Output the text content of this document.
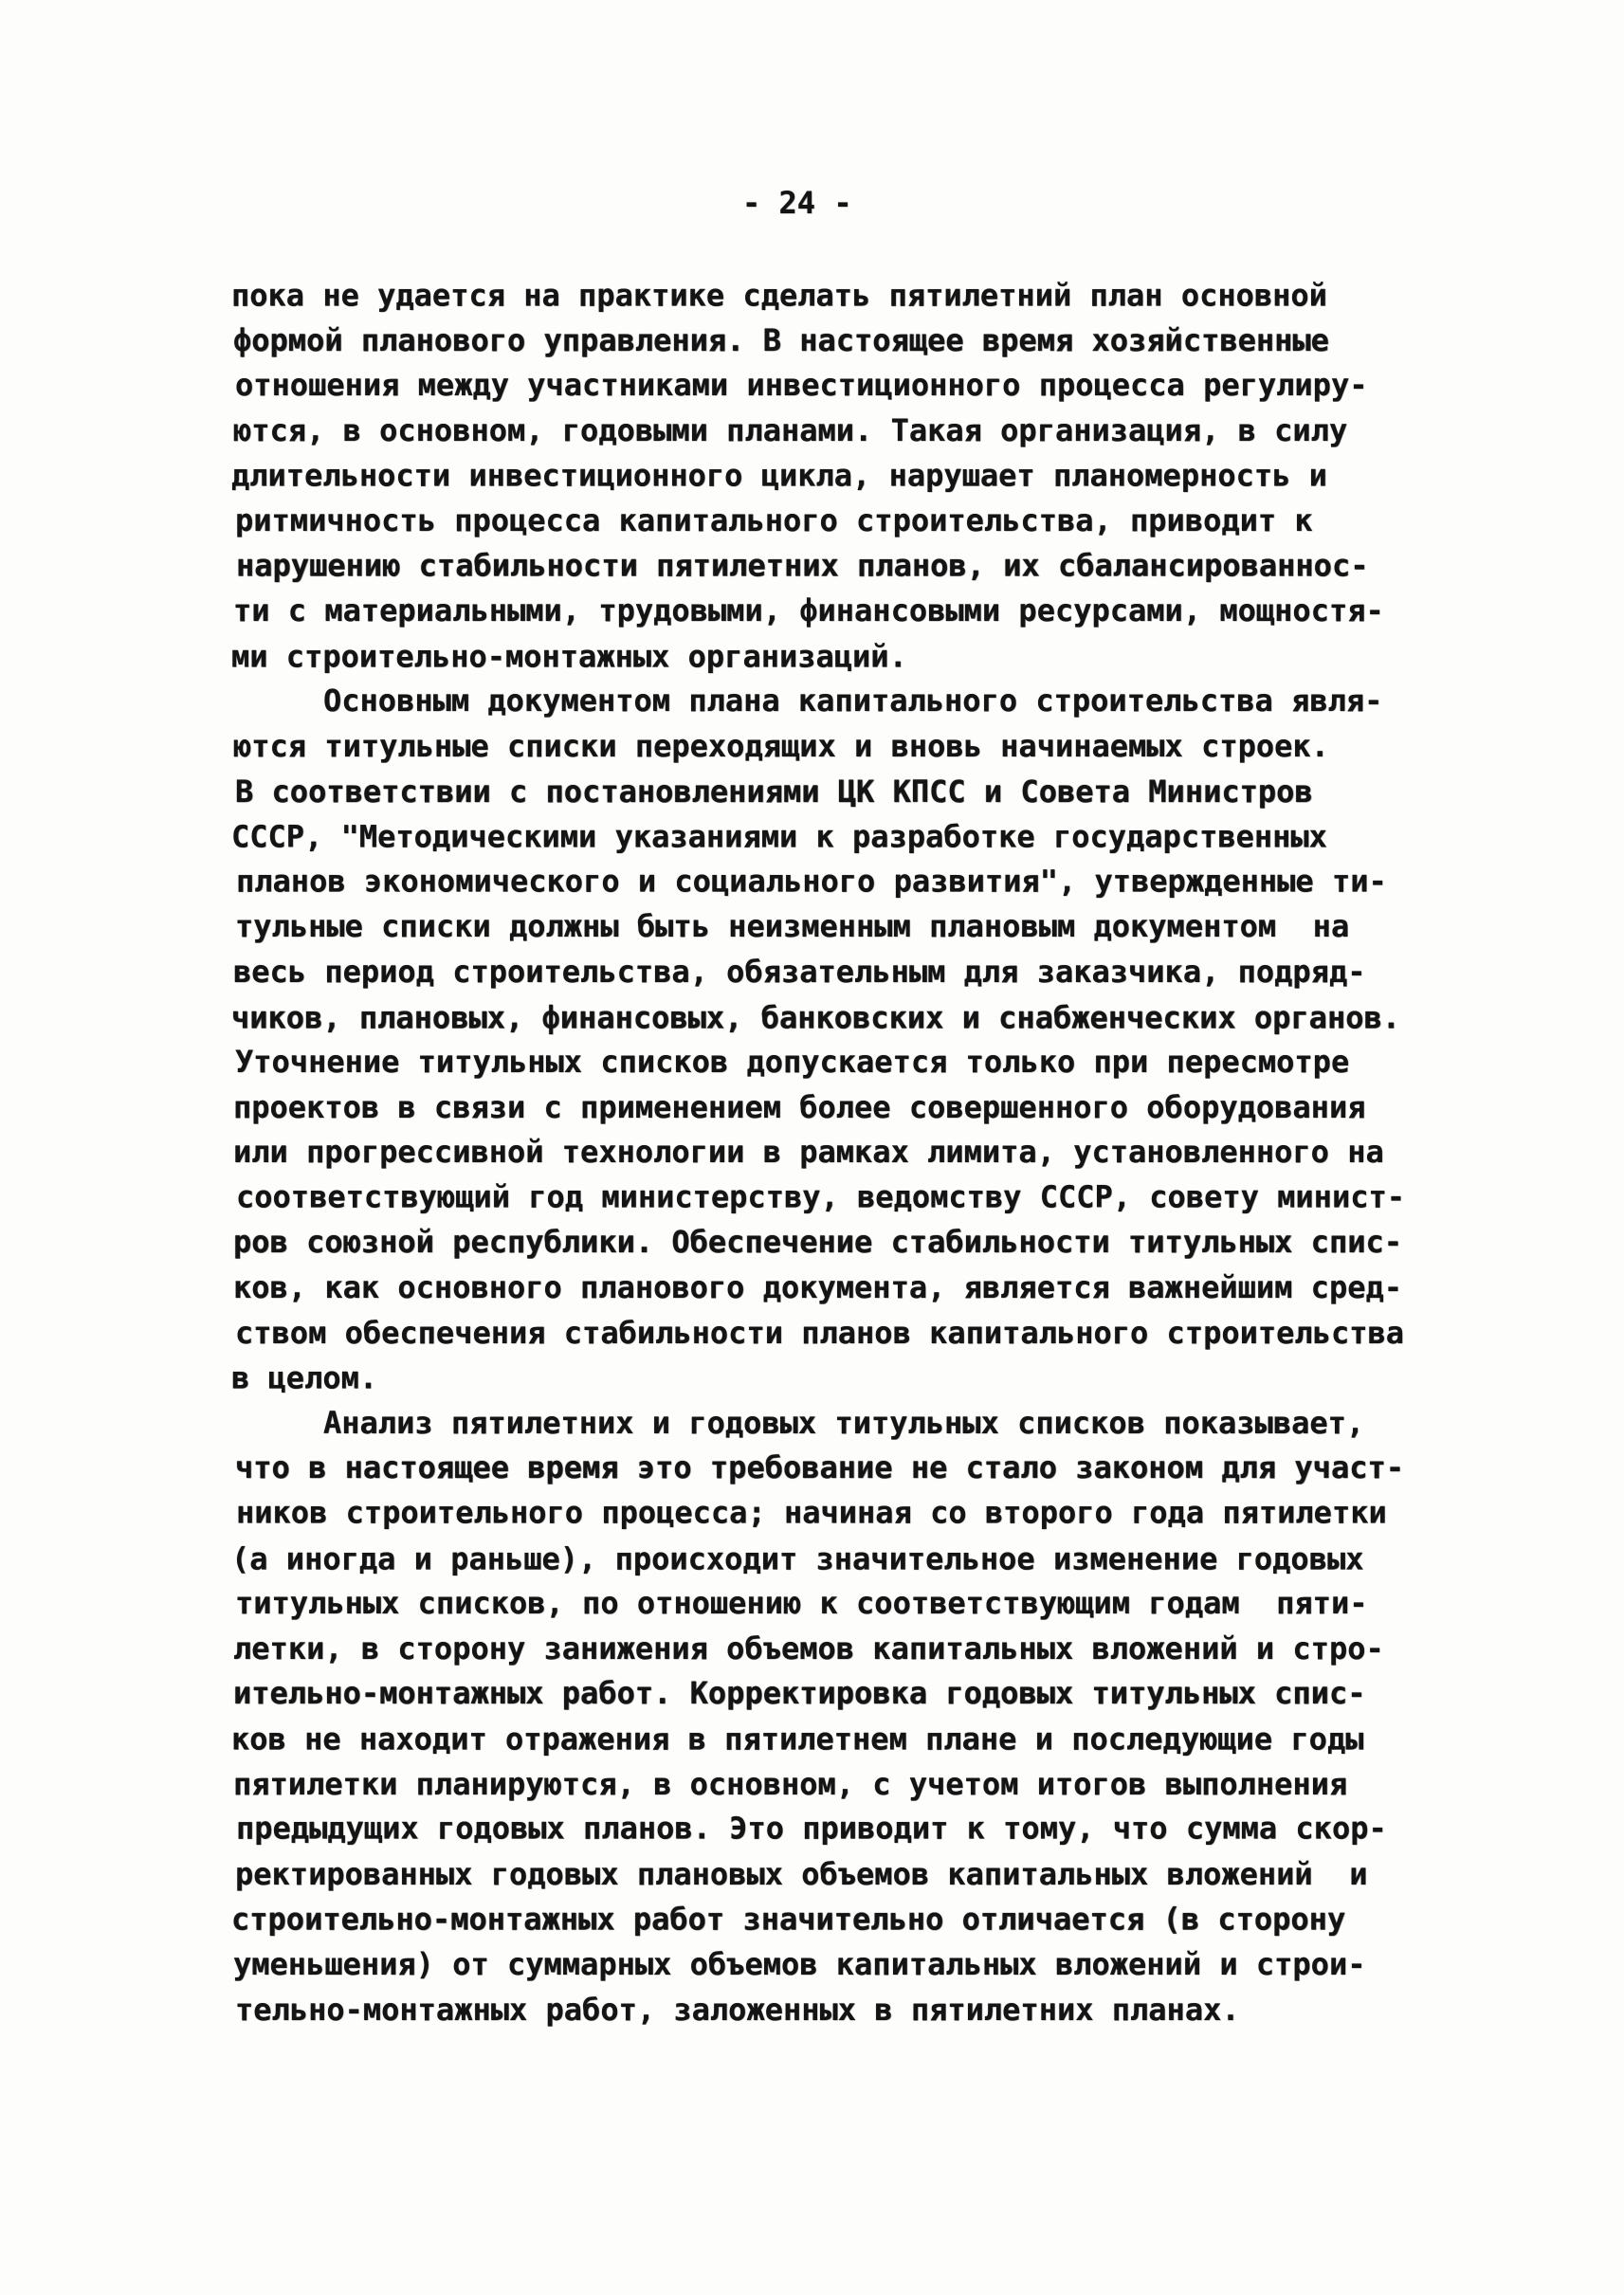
- 24 -
пока не удается на практике сделать пятилетний план основной
формой планового управления. В настоящее время хозяйственные
отношения между участниками инвестиционного процесса регулиру-
ются, в основном, годовыми планами. Такая организация, в силу
длительности инвестиционного цикла, нарушает планомерность и
ритмичность процесса капитального строительства, приводит к
нарушению стабильности пятилетних планов, их сбалансированнос-
ти с материальными, трудовыми, финансовыми ресурсами, мощностя-
ми строительно-монтажных организаций.
Основным документом плана капитального строительства явля-
ются титульные списки переходящих и вновь начинаемых строек.
В соответствии с постановлениями ЦК КПСС и Совета Министров
СССР, "Методическими указаниями к разработке государственных
планов экономического и социального развития", утвержденные ти-
тульные списки должны быть неизменным плановым документом  на
весь период строительства, обязательным для заказчика, подряд-
чиков, плановых, финансовых, банковских и снабженческих органов.
Уточнение титульных списков допускается только при пересмотре
проектов в связи с применением более совершенного оборудования
или прогрессивной технологии в рамках лимита, установленного на
соответствующий год министерству, ведомству СССР, совету минист-
ров союзной республики. Обеспечение стабильности титульных спис-
ков, как основного планового документа, является важнейшим сред-
ством обеспечения стабильности планов капитального строительства
в целом.
Анализ пятилетних и годовых титульных списков показывает,
что в настоящее время это требование не стало законом для участ-
ников строительного процесса; начиная со второго года пятилетки
(а иногда и раньше), происходит значительное изменение годовых
титульных списков, по отношению к соответствующим годам  пяти-
летки, в сторону занижения объемов капитальных вложений и стро-
ительно-монтажных работ. Корректировка годовых титульных спис-
ков не находит отражения в пятилетнем плане и последующие годы
пятилетки планируются, в основном, с учетом итогов выполнения
предыдущих годовых планов. Это приводит к тому, что сумма скор-
ректированных годовых плановых объемов капитальных вложений  и
строительно-монтажных работ значительно отличается (в сторону
уменьшения) от суммарных объемов капитальных вложений и строи-
тельно-монтажных работ, заложенных в пятилетних планах.
